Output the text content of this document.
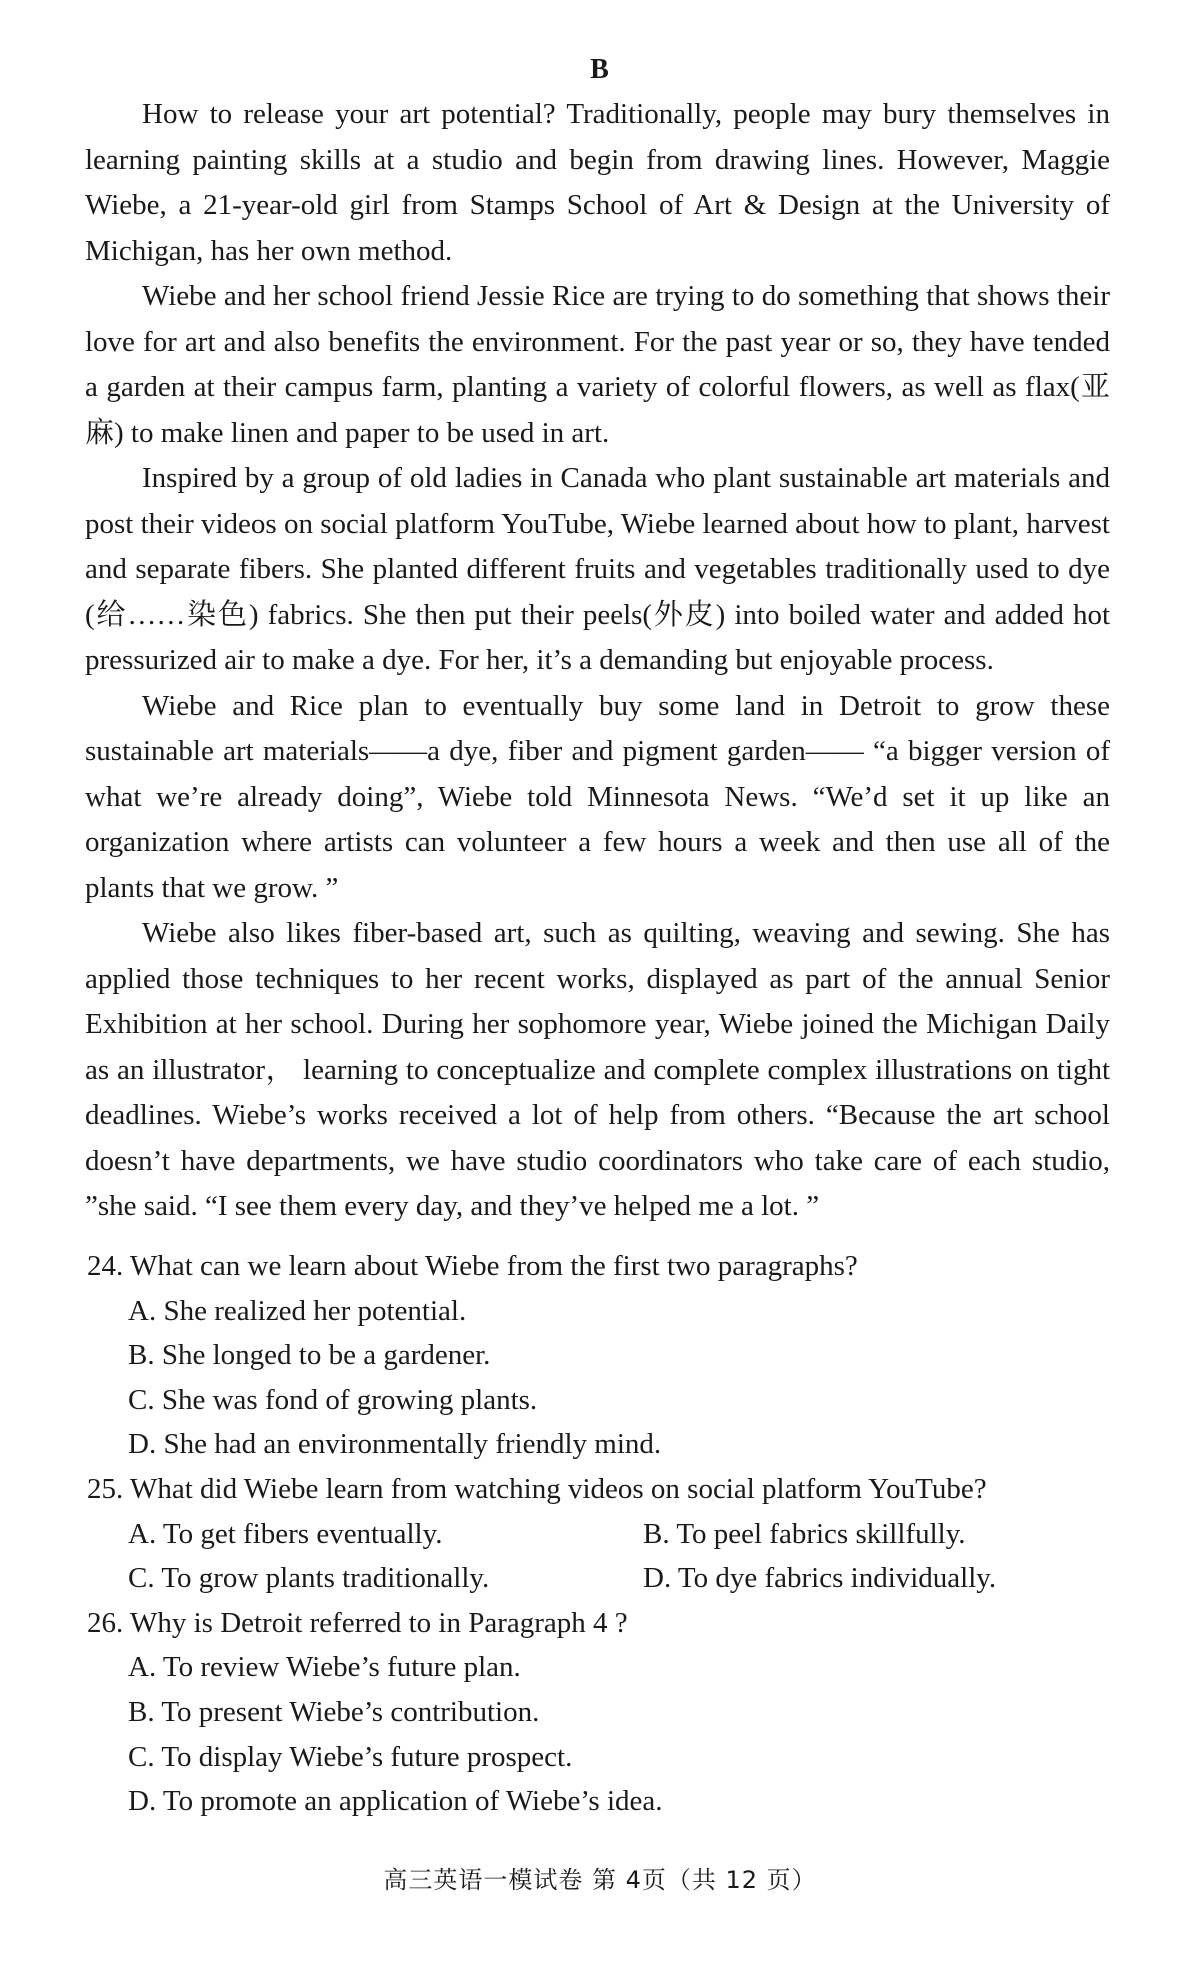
B

How to release your art potential? Traditionally, people may bury themselves in learning painting skills at a studio and begin from drawing lines. However, Maggie Wiebe, a 21-year-old girl from Stamps School of Art & Design at the University of Michigan, has her own method.

Wiebe and her school friend Jessie Rice are trying to do something that shows their love for art and also benefits the environment. For the past year or so, they have tended a garden at their campus farm, planting a variety of colorful flowers, as well as flax(亚麻) to make linen and paper to be used in art.

Inspired by a group of old ladies in Canada who plant sustainable art materials and post their videos on social platform YouTube, Wiebe learned about how to plant, harvest and separate fibers. She planted different fruits and vegetables traditionally used to dye (给……染色) fabrics. She then put their peels(外皮) into boiled water and added hot pressurized air to make a dye. For her, it’s a demanding but enjoyable process.

Wiebe and Rice plan to eventually buy some land in Detroit to grow these sustainable art materials——a dye, fiber and pigment garden—— “a bigger version of what we’re already doing”, Wiebe told Minnesota News. “We’d set it up like an organization where artists can volunteer a few hours a week and then use all of the plants that we grow. ”

Wiebe also likes fiber-based art, such as quilting, weaving and sewing. She has applied those techniques to her recent works, displayed as part of the annual Senior Exhibition at her school. During her sophomore year, Wiebe joined the Michigan Daily as an illustrator， learning to conceptualize and complete complex illustrations on tight deadlines. Wiebe’s works received a lot of help from others. “Because the art school doesn’t have departments, we have studio coordinators who take care of each studio, ”she said. “I see them every day, and they’ve helped me a lot. ”

24. What can we learn about Wiebe from the first two paragraphs?
A. She realized her potential.
B. She longed to be a gardener.
C. She was fond of growing plants.
D. She had an environmentally friendly mind.
25. What did Wiebe learn from watching videos on social platform YouTube?
A. To get fibers eventually.	B. To peel fabrics skillfully.
C. To grow plants traditionally.	D. To dye fabrics individually.
26. Why is Detroit referred to in Paragraph 4 ?
A. To review Wiebe’s future plan.
B. To present Wiebe’s contribution.
C. To display Wiebe’s future prospect.
D. To promote an application of Wiebe’s idea.
高三英语一模试卷 第 4页（共 12 页）
